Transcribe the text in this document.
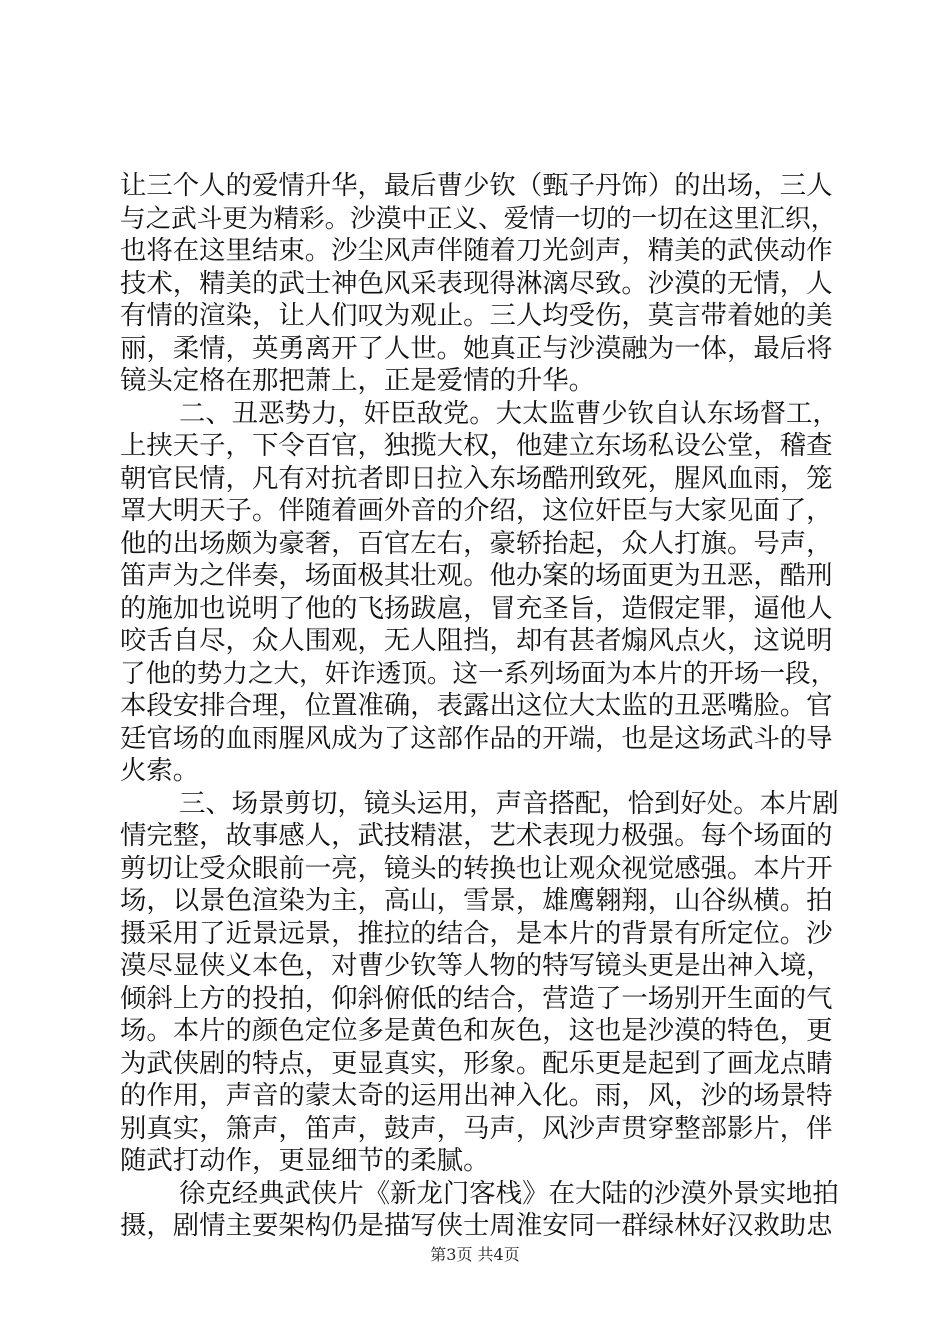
让三个人的爱情升华，最后曹少钦（甄子丹饰）的出场，三人
与之武斗更为精彩。沙漠中正义、爱情一切的一切在这里汇织，
也将在这里结束。沙尘风声伴随着刀光剑声，精美的武侠动作
技术，精美的武士神色风采表现得淋漓尽致。沙漠的无情，人
有情的渲染，让人们叹为观止。三人均受伤，莫言带着她的美
丽，柔情，英勇离开了人世。她真正与沙漠融为一体，最后将
镜头定格在那把萧上，正是爱情的升华。
二、丑恶势力，奸臣敌党。大太监曹少钦自认东场督工，
上挟天子，下令百官，独揽大权，他建立东场私设公堂，稽查
朝官民情，凡有对抗者即日拉入东场酷刑致死，腥风血雨，笼
罩大明天子。伴随着画外音的介绍，这位奸臣与大家见面了，
他的出场颇为豪奢，百官左右，豪轿抬起，众人打旗。号声，
笛声为之伴奏，场面极其壮观。他办案的场面更为丑恶，酷刑
的施加也说明了他的飞扬跋扈，冒充圣旨，造假定罪，逼他人
咬舌自尽，众人围观，无人阻挡，却有甚者煽风点火，这说明
了他的势力之大，奸诈透顶。这一系列场面为本片的开场一段，
本段安排合理，位置准确，表露出这位大太监的丑恶嘴脸。官
廷官场的血雨腥风成为了这部作品的开端，也是这场武斗的导
火索。
三、场景剪切，镜头运用，声音搭配，恰到好处。本片剧
情完整，故事感人，武技精湛，艺术表现力极强。每个场面的
剪切让受众眼前一亮，镜头的转换也让观众视觉感强。本片开
场，以景色渲染为主，高山，雪景，雄鹰翱翔，山谷纵横。拍
摄采用了近景远景，推拉的结合，是本片的背景有所定位。沙
漠尽显侠义本色，对曹少钦等人物的特写镜头更是出神入境，
倾斜上方的投拍，仰斜俯低的结合，营造了一场别开生面的气
场。本片的颜色定位多是黄色和灰色，这也是沙漠的特色，更
为武侠剧的特点，更显真实，形象。配乐更是起到了画龙点睛
的作用，声音的蒙太奇的运用出神入化。雨，风，沙的场景特
别真实，箫声，笛声，鼓声，马声，风沙声贯穿整部影片，伴
随武打动作，更显细节的柔腻。
徐克经典武侠片《新龙门客栈》在大陆的沙漠外景实地拍
摄，剧情主要架构仍是描写侠士周淮安同一群绿林好汉救助忠
第3页 共4页
